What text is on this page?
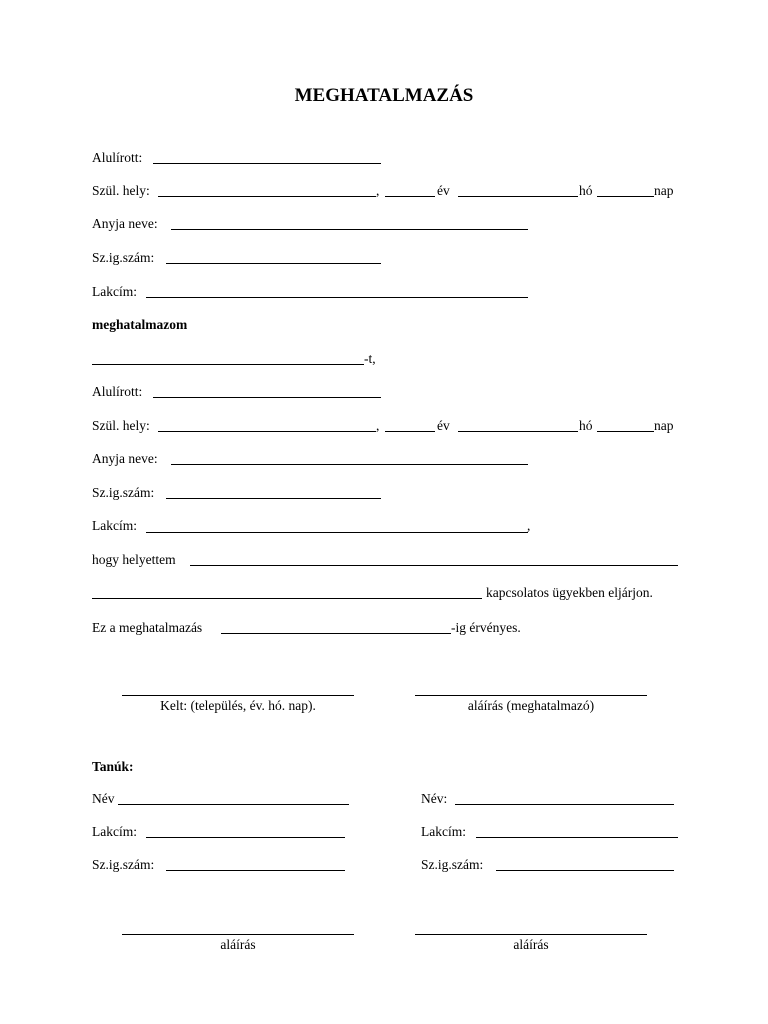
MEGHATALMAZÁS
Alulírott:
Szül. hely:	,	év	hó	nap
Anyja neve:
Sz.ig.szám:
Lakcím:
meghatalmazom
-t,
Alulírott:
Szül. hely:	,	év	hó	nap
Anyja neve:
Sz.ig.szám:
Lakcím:	,
hogy helyettem
kapcsolatos ügyekben eljárjon.
Ez a meghatalmazás	-ig érvényes.
Kelt: (település, év. hó. nap).	aláírás (meghatalmazó)
Tanúk:
Név	Név:
Lakcím:	Lakcím:
Sz.ig.szám:	Sz.ig.szám:
aláírás	aláírás
